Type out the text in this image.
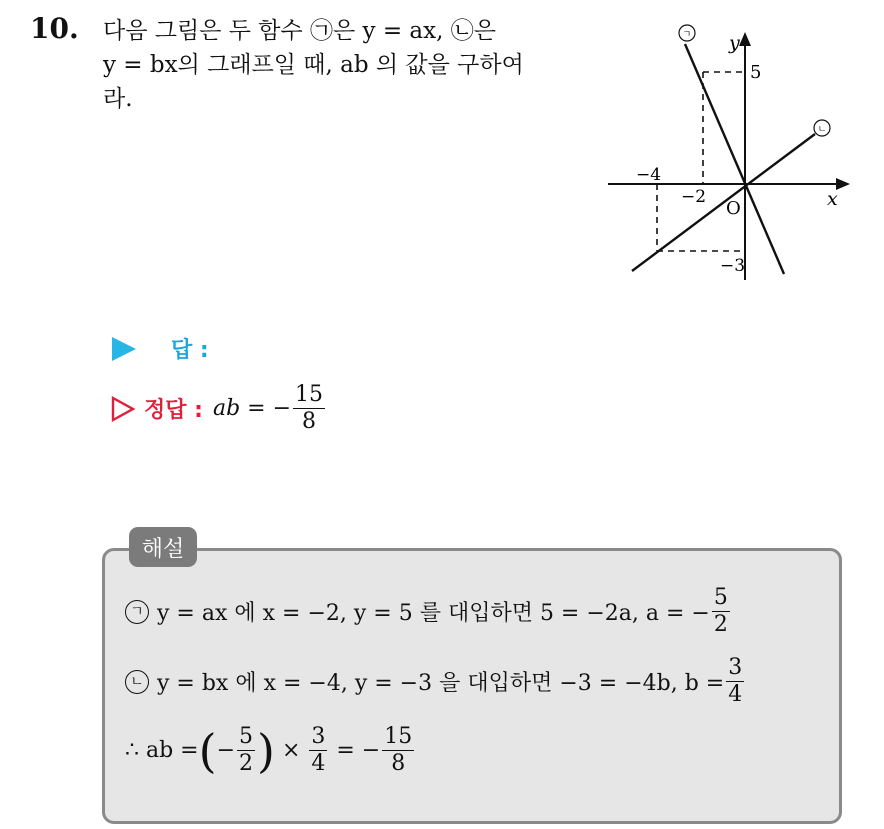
10. 다음 그림은 두 함수 ㉠은 y = ax, ㉡은
y = bx의 그래프일 때, ab 의 값을 구하여
라.
ㄱ
ㄴ
y
x
O
5
−2
−4
−3
답 :
정답 : ab = − $\frac{15}{8}$
해설
ㄱ y = ax 에 x = −2, y = 5 를 대입하면 5 = −2a, a = − $\frac{5}{2}$
ㄴ y = bx 에 x = −4, y = −3 을 대입하면 −3 = −4b, $b = \frac{3}{4}$
∴ ab = ( − $\frac{5}{2}$ ) × $\frac{3}{4}$ = − $\frac{15}{8}$
